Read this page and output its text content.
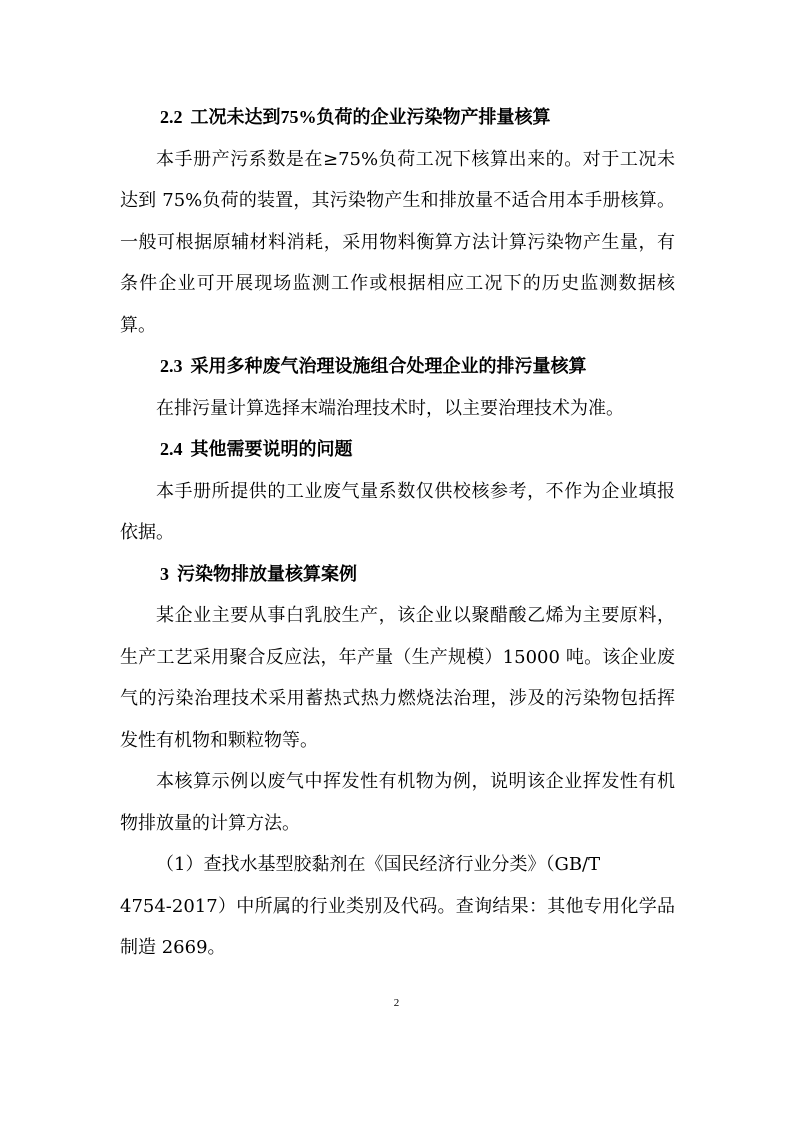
2.2 工况未达到75%负荷的企业污染物产排量核算
本手册产污系数是在≥75%负荷工况下核算出来的。对于工况未
达到 75%负荷的装置，其污染物产生和排放量不适合用本手册核算。
一般可根据原辅材料消耗，采用物料衡算方法计算污染物产生量，有
条件企业可开展现场监测工作或根据相应工况下的历史监测数据核
算。
2.3 采用多种废气治理设施组合处理企业的排污量核算
在排污量计算选择末端治理技术时，以主要治理技术为准。
2.4 其他需要说明的问题
本手册所提供的工业废气量系数仅供校核参考，不作为企业填报
依据。
3 污染物排放量核算案例
某企业主要从事白乳胶生产，该企业以聚醋酸乙烯为主要原料，
生产工艺采用聚合反应法，年产量（生产规模）15000 吨。该企业废
气的污染治理技术采用蓄热式热力燃烧法治理，涉及的污染物包括挥
发性有机物和颗粒物等。
本核算示例以废气中挥发性有机物为例，说明该企业挥发性有机
物排放量的计算方法。
（1）查找水基型胶黏剂在《国民经济行业分类》（GB/T
4754-2017）中所属的行业类别及代码。查询结果：其他专用化学品
制造 2669。
2
